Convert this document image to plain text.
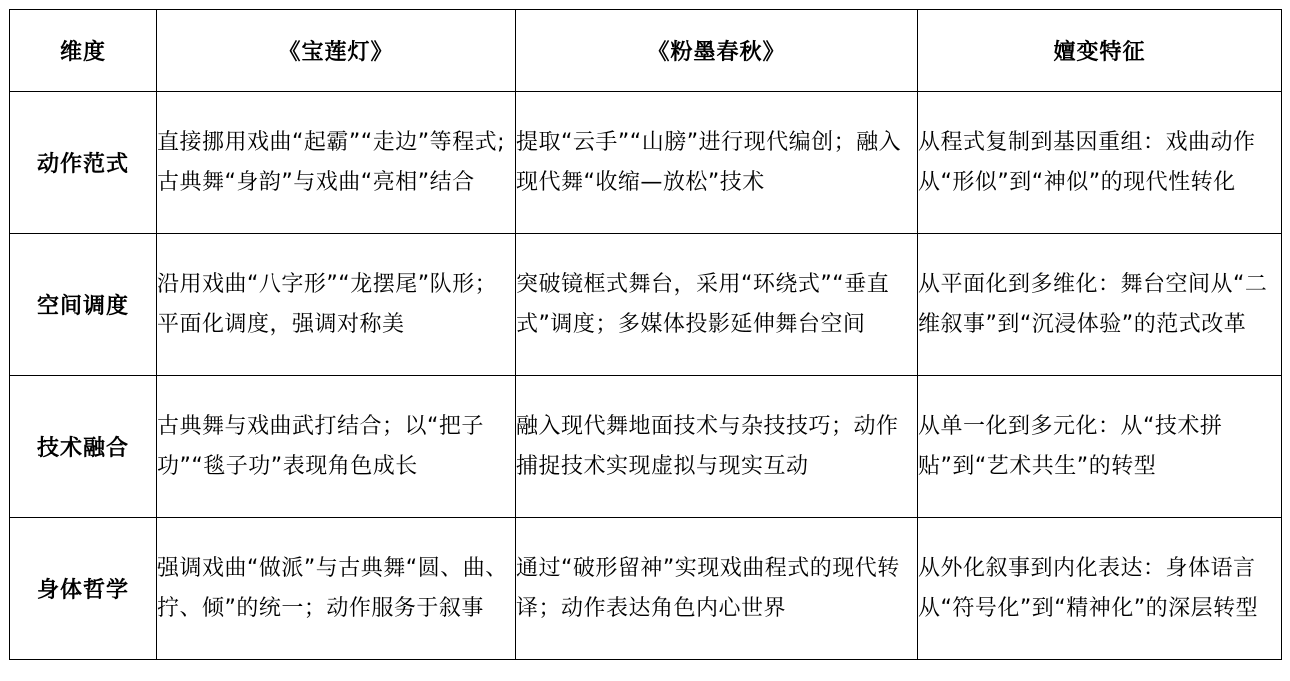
维度	《宝莲灯》	《粉墨春秋》	嬗变特征
动作范式	直接挪用戏曲“起霸”“走边”等程式;古典舞“身韵”与戏曲“亮相”结合	提取“云手”“山膀”进行现代编创；融入现代舞“收缩—放松”技术	从程式复制到基因重组：戏曲动作从“形似”到“神似”的现代性转化
空间调度	沿用戏曲“八字形”“龙摆尾”队形；平面化调度，强调对称美	突破镜框式舞台，采用“环绕式”“垂直式”调度；多媒体投影延伸舞台空间	从平面化到多维化：舞台空间从“二维叙事”到“沉浸体验”的范式改革
技术融合	古典舞与戏曲武打结合；以“把子功”“毯子功”表现角色成长	融入现代舞地面技术与杂技技巧；动作捕捉技术实现虚拟与现实互动	从单一化到多元化：从“技术拼贴”到“艺术共生”的转型
身体哲学	强调戏曲“做派”与古典舞“圆、曲、拧、倾”的统一；动作服务于叙事	通过“破形留神”实现戏曲程式的现代转译；动作表达角色内心世界	从外化叙事到内化表达：身体语言从“符号化”到“精神化”的深层转型
